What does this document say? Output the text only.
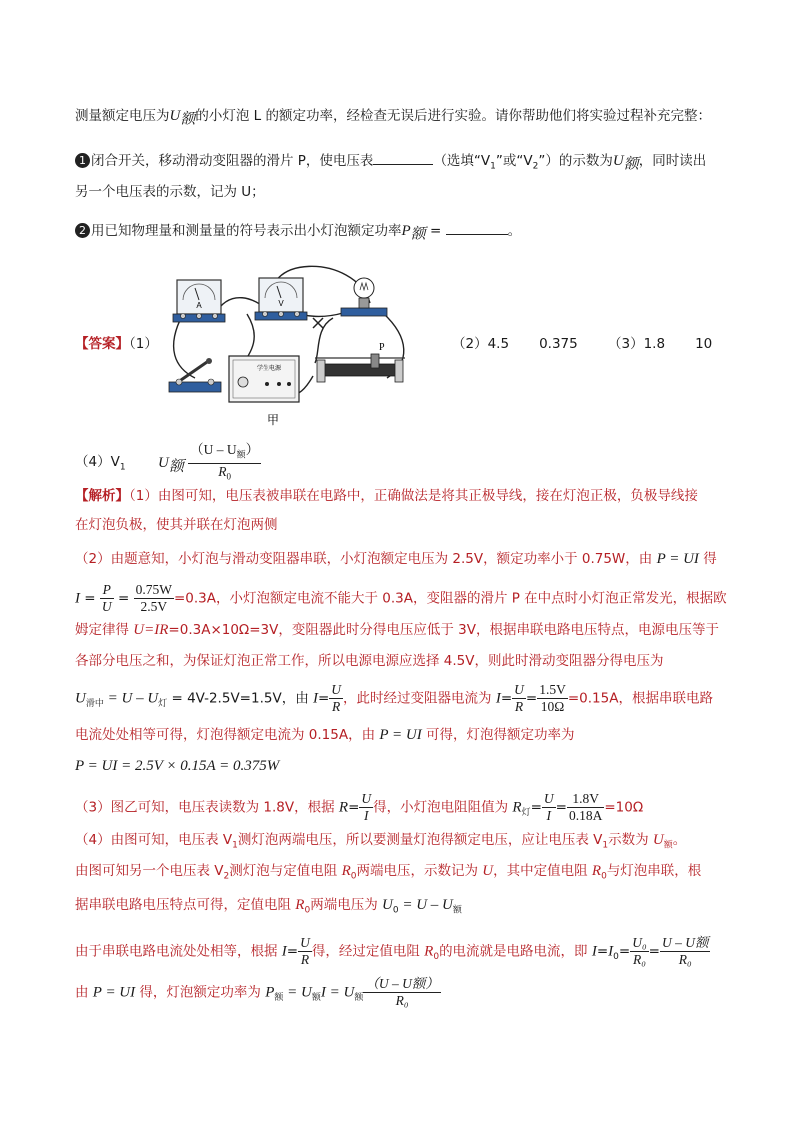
测量额定电压为$U_额$的小灯泡 L 的额定功率，经检查无误后进行实验。请你帮助他们将实验过程补充完整：
1 闭合开关，移动滑动变阻器的滑片 P，使电压表	（选填“$V_1$”或“$V_2$”）的示数为$U_额$，同时读出
另一个电压表的示数，记为 U；
2 用已知物理量和测量量的符号表示出小灯泡额定功率$P_额$ =	。
【答案】（1）	（2）4.5 0.375 （3）1.8 10
A	V
学生电源
P
甲
$(4)V_1$ $U_额 \frac{(U - U_额)}{R_0}$
【解析】（1）由图可知，电压表被串联在电路中，正确做法是将其正极导线，接在灯泡正极，负极导线接
在灯泡负极，使其并联在灯泡两侧
（2）由题意知，小灯泡与滑动变阻器串联，小灯泡额定电压为 2.5V，额定功率小于 0.75W，由 P = UI 得
$I = \frac{P}{U} = \frac{0.75W}{2.5V} =0.3A$，小灯泡额定电流不能大于 0.3A，变阻器的滑片 P 在中点时小灯泡正常发光，根据欧
姆定律得 U=IR=0.3A×10Ω=3V，变阻器此时分得电压应低于 3V，根据串联电路电压特点，电源电压等于
各部分电压之和，为保证灯泡正常工作，所以电源电源应选择 4.5V，则此时滑动变阻器分得电压为
$U_{滑中} = U - U_灯 = 4V-2.5V=1.5V$，由 $I= \frac{U}{R}$ ，此时经过变阻器电流为 $I= \frac{U}{R} = \frac{1.5V}{10\Omega} =0.15A$，根据串联电路
电流处处相等可得，灯泡得额定电流为 0.15A，由 P = UI 可得，灯泡得额定功率为
P = UI = 2.5V × 0.15A = 0.375W
（3）图乙可知，电压表读数为 1.8V，根据 $R= \frac{U}{I}$ 得，小灯泡电阻阻值为 $R_灯= \frac{U}{I} = \frac{1.8V}{0.18A} =10\Omega$
（4）由图可知，电压表 $V_1$测灯泡两端电压，所以要测量灯泡得额定电压，应让电压表 $V_1$示数为 $U_额$。
由图可知另一个电压表 $V_2$测灯泡与定值电阻 $R_0$两端电压，示数记为 U，其中定值电阻 $R_0$与灯泡串联，根
据串联电路电压特点可得，定值电阻 $R_0$两端电压为 $U_0 = U - U_额$
由于串联电路电流处处相等，根据 $I= \frac{U}{R}$ 得，经过定值电阻 $R_0$的电流就是电路电流，即 $I=I_0= \frac{\text{U₀}}{\text{R₀}} = \frac{\text{U – U额}}{\text{R₀}}$
由 P = UI 得，灯泡额定功率为 $P_额 = U_额I = U_额 \frac{\text{（U – U额）}}{\text{R₀}}$
